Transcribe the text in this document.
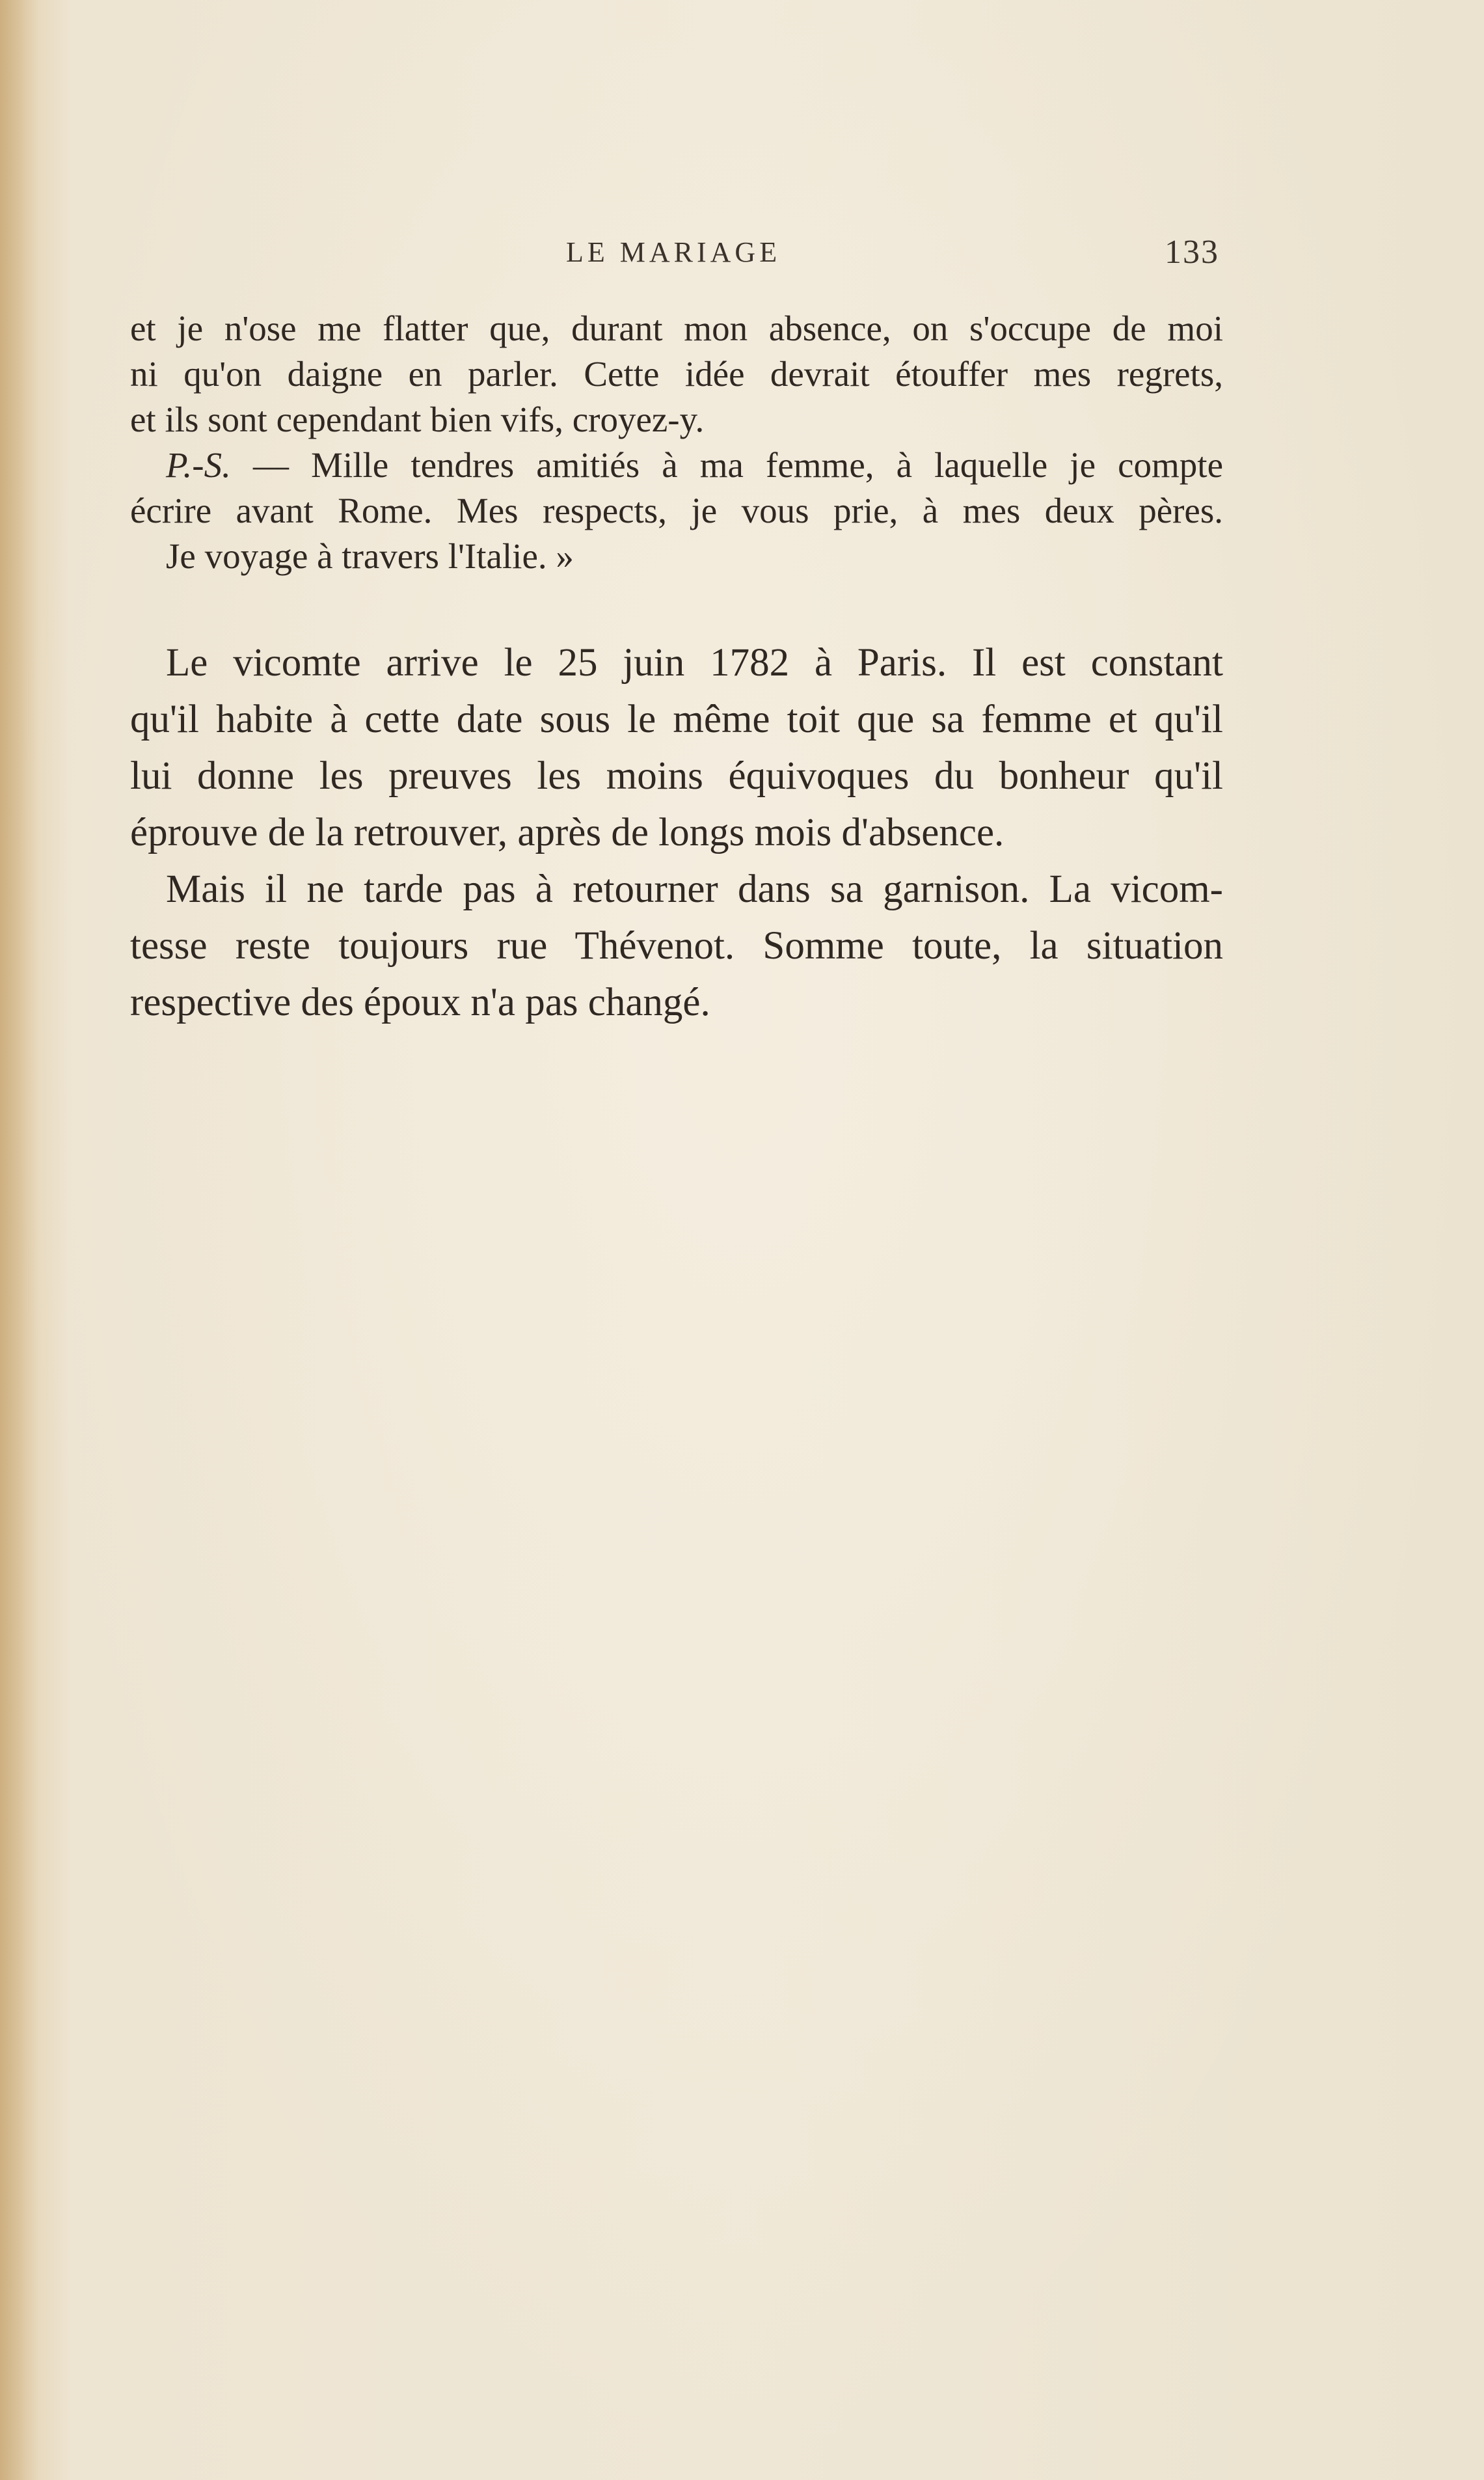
LE MARIAGE	133
et je n'ose me flatter que, durant mon absence, on s'occupe de moi
ni qu'on daigne en parler. Cette idée devrait étouffer mes regrets,
et ils sont cependant bien vifs, croyez-y.
P.-S. — Mille tendres amitiés à ma femme, à laquelle je compte
écrire avant Rome. Mes respects, je vous prie, à mes deux pères.
Je voyage à travers l'Italie. »
Le vicomte arrive le 25 juin 1782 à Paris. Il est constant
qu'il habite à cette date sous le même toit que sa femme et qu'il
lui donne les preuves les moins équivoques du bonheur qu'il
éprouve de la retrouver, après de longs mois d'absence.
Mais il ne tarde pas à retourner dans sa garnison. La vicom-
tesse reste toujours rue Thévenot. Somme toute, la situation
respective des époux n'a pas changé.
